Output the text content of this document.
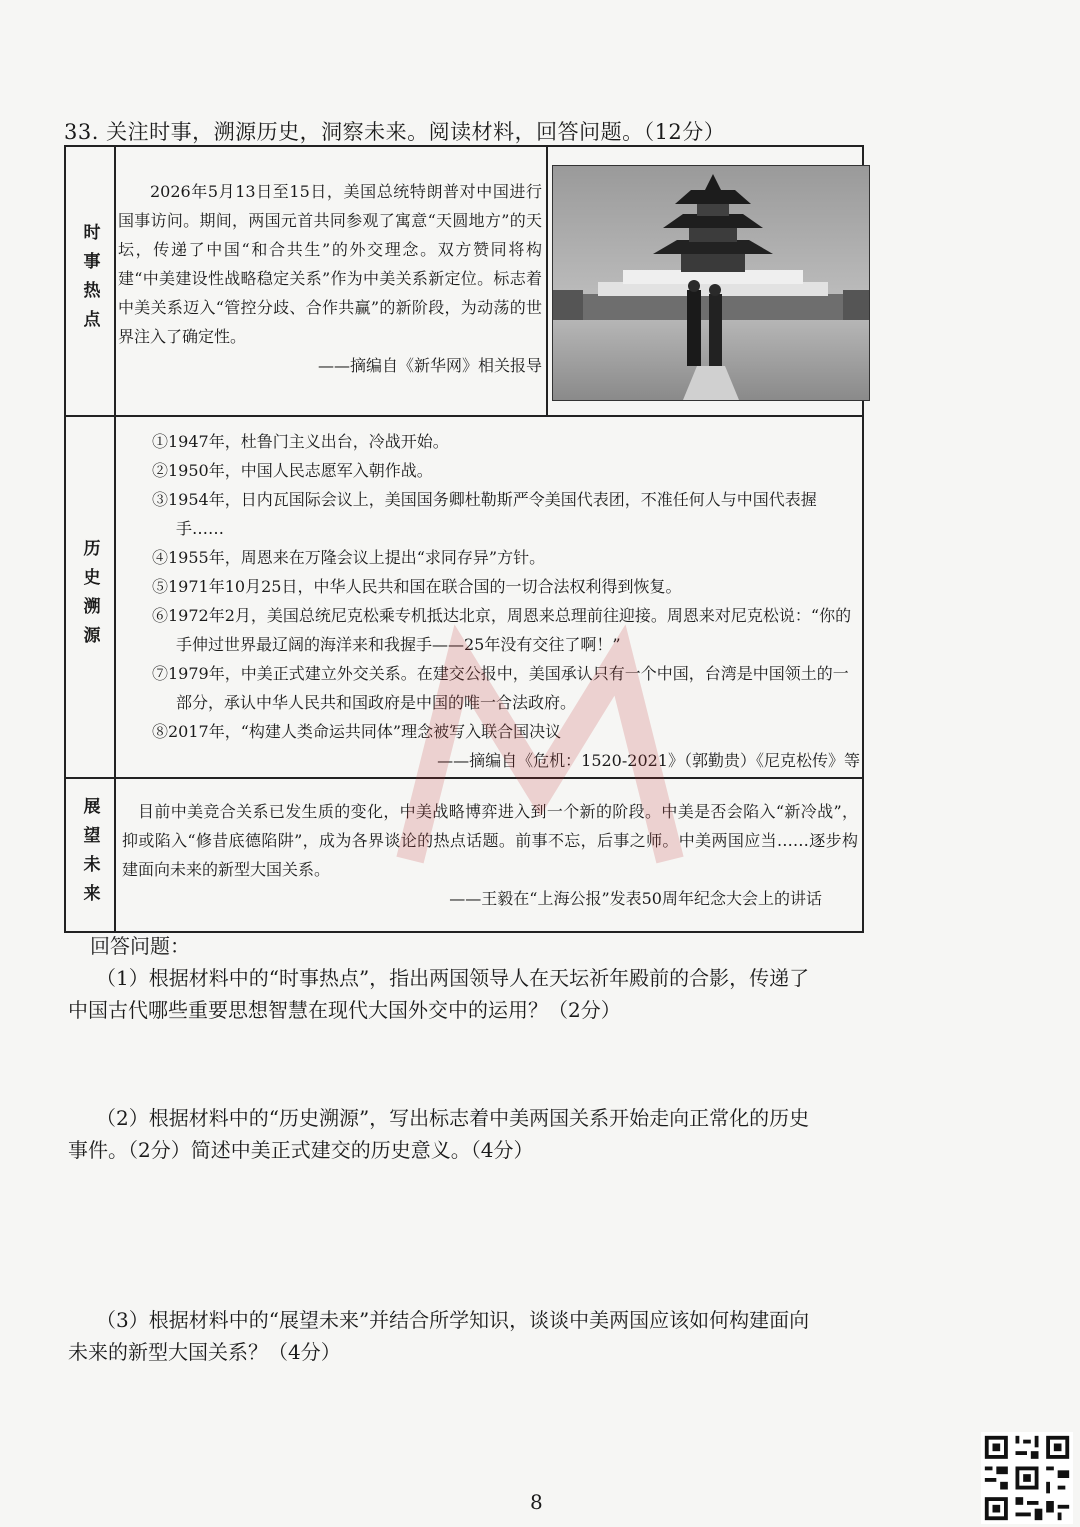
33. 关注时事，溯源历史，洞察未来。阅读材料，回答问题。（12分）
时事热点

2026年5月13日至15日，美国总统特朗普对中国进行国事访问。期间，两国元首共同参观了寓意“天圆地方”的天坛，传递了中国“和合共生”的外交理念。双方赞同将构建“中美建设性战略稳定关系”作为中美关系新定位。标志着中美关系迈入“管控分歧、合作共赢”的新阶段，为动荡的世界注入了确定性。

——摘编自《新华网》相关报导
历史溯源
①1947年，杜鲁门主义出台，冷战开始。
②1950年，中国人民志愿军入朝作战。
③1954年，日内瓦国际会议上，美国国务卿杜勒斯严令美国代表团，不准任何人与中国代表握手……
④1955年，周恩来在万隆会议上提出“求同存异”方针。
⑤1971年10月25日，中华人民共和国在联合国的一切合法权利得到恢复。
⑥1972年2月，美国总统尼克松乘专机抵达北京，周恩来总理前往迎接。周恩来对尼克松说：“你的手伸过世界最辽阔的海洋来和我握手——25年没有交往了啊！”
⑦1979年，中美正式建立外交关系。在建交公报中，美国承认只有一个中国，台湾是中国领土的一部分，承认中华人民共和国政府是中国的唯一合法政府。
⑧2017年，“构建人类命运共同体”理念被写入联合国决议
——摘编自《危机：1520-2021》（郭勤贵）《尼克松传》等
展望未来	目前中美竞合关系已发生质的变化，中美战略博弈进入到一个新的阶段。中美是否会陷入“新冷战”，抑或陷入“修昔底德陷阱”，成为各界谈论的热点话题。前事不忘，后事之师。中美两国应当……逐步构建面向未来的新型大国关系。

——王毅在“上海公报”发表50周年纪念大会上的讲话
回答问题：

（1）根据材料中的“时事热点”，指出两国领导人在天坛祈年殿前的合影，传递了中国古代哪些重要思想智慧在现代大国外交中的运用？（2分）

（2）根据材料中的“历史溯源”，写出标志着中美两国关系开始走向正常化的历史事件。（2分）简述中美正式建交的历史意义。（4分）

（3）根据材料中的“展望未来”并结合所学知识，谈谈中美两国应该如何构建面向未来的新型大国关系？（4分）

8
